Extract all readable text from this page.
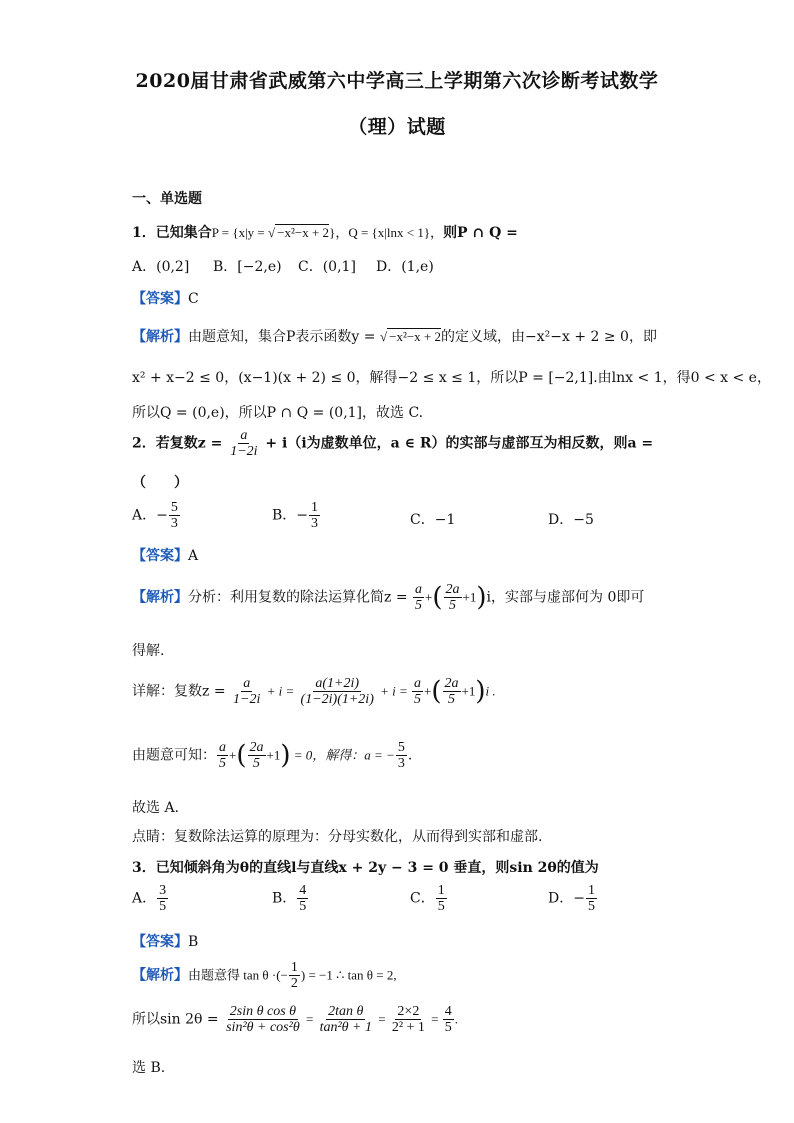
2020届甘肃省武威第六中学高三上学期第六次诊断考试数学
（理）试题
一、单选题
1．已知集合P = {x|y = √ −x²−x + 2}，Q = {x|lnx < 1}，则P ∩ Q =
A．(0,2] B．[−2,e) C．(0,1] D．(1,e)
【答案】C
【解析】由题意知，集合P表示函数y = √ −x²−x + 2的定义域，由−x²−x + 2 ≥ 0，即
x² + x−2 ≤ 0，(x−1)(x + 2) ≤ 0，解得−2 ≤ x ≤ 1，所以P = [−2,1].由lnx < 1，得0 < x < e，
所以Q = (0,e)，所以P ∩ Q = (0,1]，故选 C.
2．若复数$z = \frac{a}{1-2i} + i(i$为虚数单位，a ∈ R）的实部与虚部互为相反数，则a =
（　　）
A．− $\frac{5}{3}$	B．− $\frac{1}{3}$	C．−1	D．−5
【答案】A
【解析】分析：利用复数的除法运算化简$z = \frac{a}{5}$ +( $\frac{2a}{5} +1)i$，实部与虚部何为 0即可
得解.
详解：复数$z = \frac{a}{1-2i} + i = \frac{a(1+2i)}{(1-2i)(1+2i)} + i = \frac{a}{5}$ +( $\frac{2a}{5} +1)i$ .
由题意可知： $\frac{a}{5}$ +( $\frac{2a}{5} +1) = 0$，解得：a = − $\frac{5}{3}$ .
故选 A.
点睛：复数除法运算的原理为：分母实数化，从而得到实部和虚部.
3．已知倾斜角为θ的直线l与直线x + 2y − 3 = 0 垂直，则sin 2θ的值为
A． $\frac{3}{5}$	B． $\frac{4}{5}$	C． $\frac{1}{5}$	D．− $\frac{1}{5}$
【答案】B
【解析】由题意得 tan θ ·(− $\frac{1}{2}$ ) = −1 ∴ tan θ = 2,
所以$\sin 2\theta = \frac{\text{2sin θ cos θ}}{\text{sin²θ + cos²θ}} = \frac{\text{2tan θ}}{\text{tan²θ + 1}} = \frac{2\times 2}{\text{2² + 1}} = \frac{4}{5}$ .
选 B.
